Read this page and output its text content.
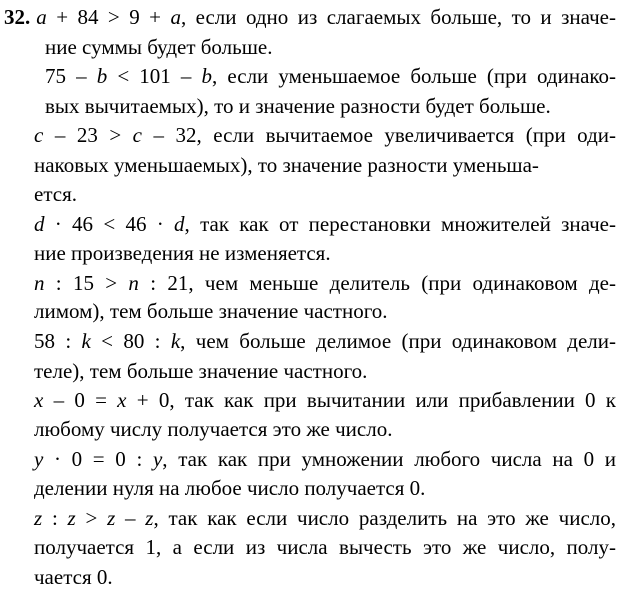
32. a + 84 > 9 + a, если одно из слагаемых больше, то и значе-
ние суммы будет больше.
75 – b < 101 – b, если уменьшаемое больше (при одинако-
вых вычитаемых), то и значение разности будет больше.
c – 23 > c – 32, если вычитаемое увеличивается (при оди-
наковых уменьшаемых), то значение разности уменьша-
ется.
d · 46 < 46 · d, так как от перестановки множителей значе-
ние произведения не изменяется.
n : 15 > n : 21, чем меньше делитель (при одинаковом де-
лимом), тем больше значение частного.
58 : k < 80 : k, чем больше делимое (при одинаковом дели-
теле), тем больше значение частного.
x – 0 = x + 0, так как при вычитании или прибавлении 0 к
любому числу получается это же число.
y · 0 = 0 : y, так как при умножении любого числа на 0 и
делении нуля на любое число получается 0.
z : z > z – z, так как если число разделить на это же число,
получается 1, а если из числа вычесть это же число, полу-
чается 0.
